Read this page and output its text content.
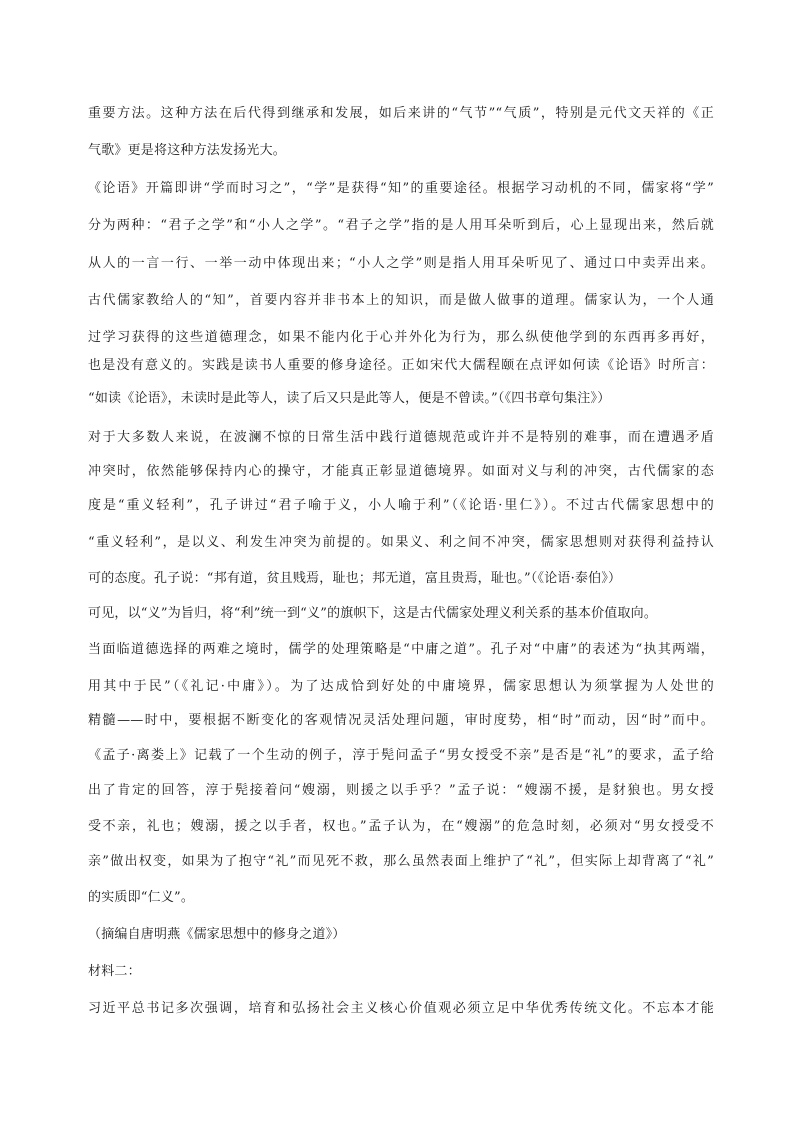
重要方法。这种方法在后代得到继承和发展，如后来讲的“气节”“气质”，特别是元代文天祥的《正
气歌》更是将这种方法发扬光大。
《论语》开篇即讲“学而时习之”，“学”是获得“知”的重要途径。根据学习动机的不同，儒家将“学”
分为两种：“君子之学”和“小人之学”。“君子之学”指的是人用耳朵听到后，心上显现出来，然后就
从人的一言一行、一举一动中体现出来；“小人之学”则是指人用耳朵听见了、通过口中卖弄出来。
古代儒家教给人的“知”，首要内容并非书本上的知识，而是做人做事的道理。儒家认为，一个人通
过学习获得的这些道德理念，如果不能内化于心并外化为行为，那么纵使他学到的东西再多再好，
也是没有意义的。实践是读书人重要的修身途径。正如宋代大儒程颐在点评如何读《论语》时所言：
“如读《论语》，未读时是此等人，读了后又只是此等人，便是不曾读。”（《四书章句集注》）
对于大多数人来说，在波澜不惊的日常生活中践行道德规范或许并不是特别的难事，而在遭遇矛盾
冲突时，依然能够保持内心的操守，才能真正彰显道德境界。如面对义与利的冲突，古代儒家的态
度是“重义轻利”，孔子讲过“君子喻于义，小人喻于利”（《论语·里仁》）。不过古代儒家思想中的
“重义轻利”，是以义、利发生冲突为前提的。如果义、利之间不冲突，儒家思想则对获得利益持认
可的态度。孔子说：“邦有道，贫且贱焉，耻也；邦无道，富且贵焉，耻也。”（《论语·泰伯》）
可见，以“义”为旨归，将“利”统一到“义”的旗帜下，这是古代儒家处理义利关系的基本价值取向。
当面临道德选择的两难之境时，儒学的处理策略是“中庸之道”。孔子对“中庸”的表述为“执其两端，
用其中于民”（《礼记·中庸》）。为了达成恰到好处的中庸境界，儒家思想认为须掌握为人处世的
精髓——时中，要根据不断变化的客观情况灵活处理问题，审时度势，相“时”而动，因“时”而中。
《孟子·离娄上》记载了一个生动的例子，淳于髡问孟子“男女授受不亲”是否是“礼”的要求，孟子给
出了肯定的回答，淳于髡接着问“嫂溺，则援之以手乎？”孟子说：“嫂溺不援，是豺狼也。男女授
受不亲，礼也；嫂溺，援之以手者，权也。”孟子认为，在“嫂溺”的危急时刻，必须对“男女授受不
亲”做出权变，如果为了抱守“礼”而见死不救，那么虽然表面上维护了“礼”，但实际上却背离了“礼”
的实质即“仁义”。
（摘编自唐明燕《儒家思想中的修身之道》）
材料二：
习近平总书记多次强调，培育和弘扬社会主义核心价值观必须立足中华优秀传统文化。不忘本才能
